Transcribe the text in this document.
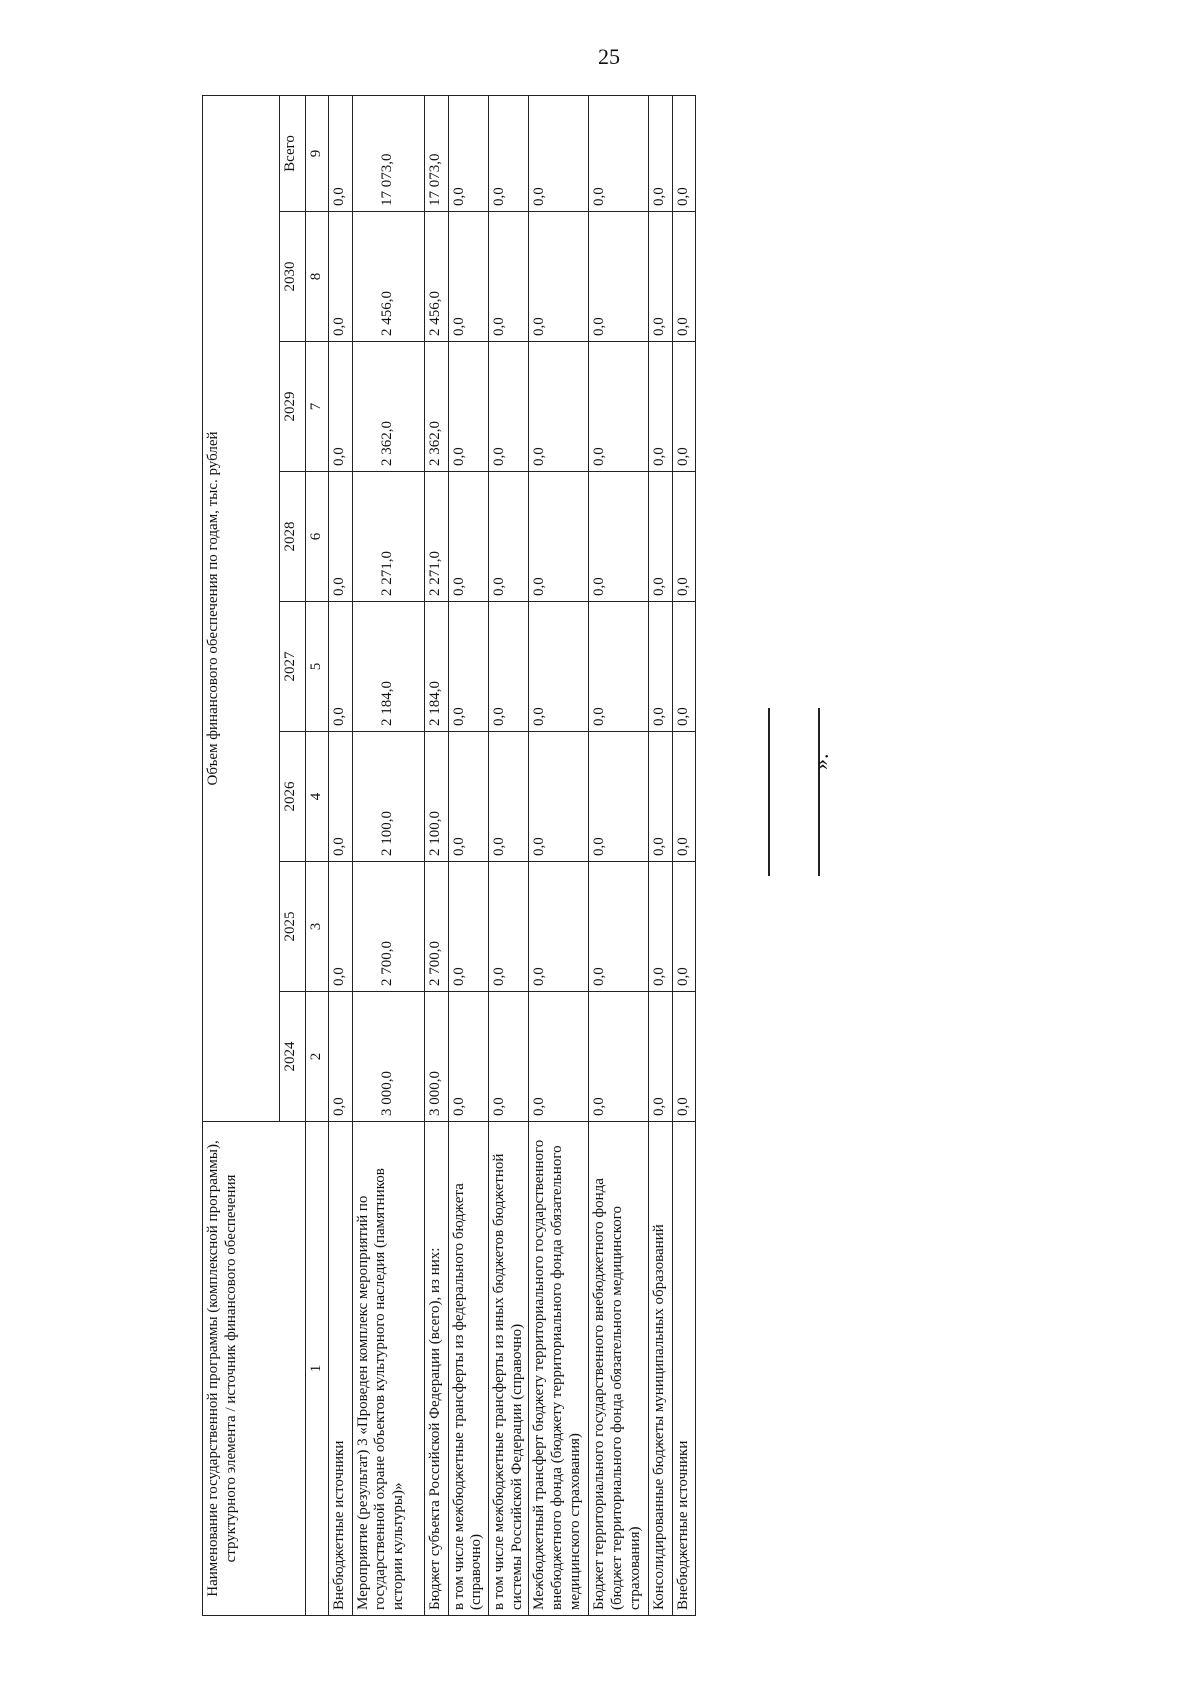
25
Наименование государственной программы (комплексной программы), структурного элемента / источник финансового обеспечения	Объем финансового обеспечения по годам, тыс. рублей							
	2024	2025	2026	2027	2028	2029	2030	Всего
1	2	3	4	5	6	7	8	9
Внебюджетные источники	0,0	0,0	0,0	0,0	0,0	0,0	0,0	0,0
Мероприятие (результат) 3 «Проведен комплекс мероприятий по государственной охране объектов культурного наследия (памятников истории культуры)»	3 000,0	2 700,0	2 100,0	2 184,0	2 271,0	2 362,0	2 456,0	17 073,0
Бюджет субъекта Российской Федерации (всего), из них:	3 000,0	2 700,0	2 100,0	2 184,0	2 271,0	2 362,0	2 456,0	17 073,0
в том числе межбюджетные трансферты из федерального бюджета (справочно)	0,0	0,0	0,0	0,0	0,0	0,0	0,0	0,0
в том числе межбюджетные трансферты из иных бюджетов бюджетной системы Российской Федерации (справочно)	0,0	0,0	0,0	0,0	0,0	0,0	0,0	0,0
Межбюджетный трансферт бюджету территориального государственного внебюджетного фонда (бюджету территориального фонда обязательного медицинского страхования)	0,0	0,0	0,0	0,0	0,0	0,0	0,0	0,0
Бюджет территориального государственного внебюджетного фонда (бюджет территориального фонда обязательного медицинского страхования)	0,0	0,0	0,0	0,0	0,0	0,0	0,0	0,0
Консолидированные бюджеты муниципальных образований	0,0	0,0	0,0	0,0	0,0	0,0	0,0	0,0
Внебюджетные источники	0,0	0,0	0,0	0,0	0,0	0,0	0,0	0,0
».
